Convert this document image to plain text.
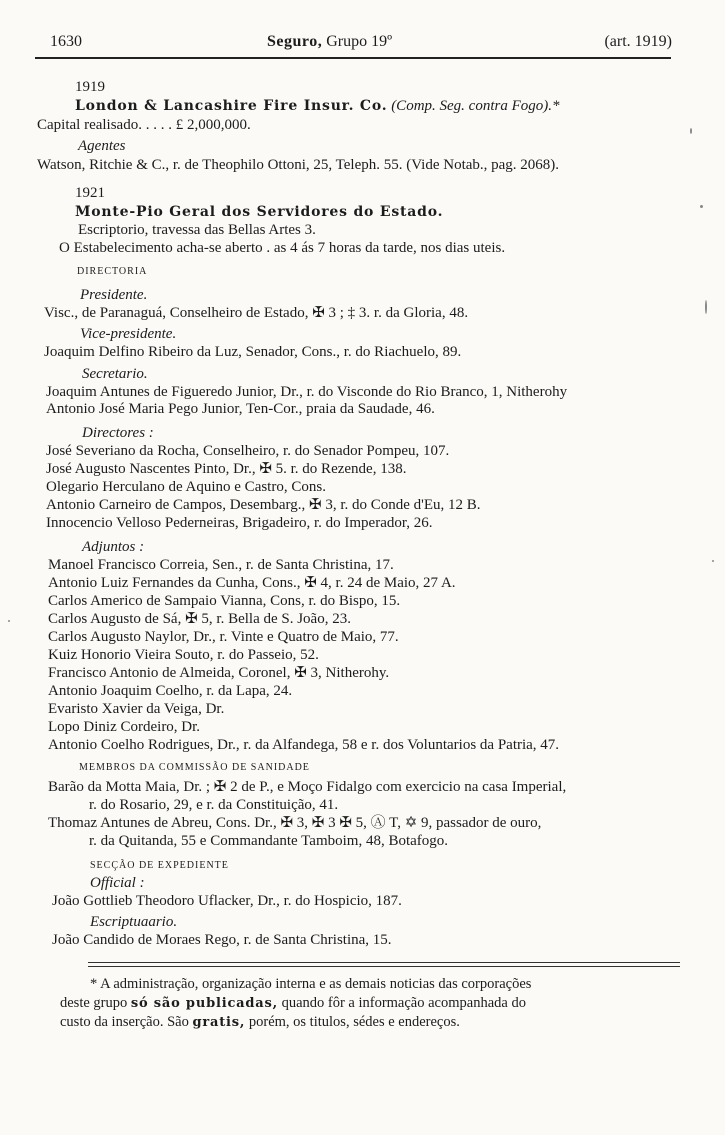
1630	Seguro, Grupo 19º	(art. 1919)
1919
London & Lancashire Fire Insur. Co. (Comp. Seg. contra Fogo).*
Capital realisado. . . . . £ 2,000,000.
Agentes
Watson, Ritchie & C., r. de Theophilo Ottoni, 25, Teleph. 55. (Vide Notab., pag. 2068).
1921
Monte-Pio Geral dos Servidores do Estado.
Escriptorio, travessa das Bellas Artes 3.
O Estabelecimento acha-se aberto . as 4 ás 7 horas da tarde, nos dias uteis.
DIRECTORIA
Presidente.
Visc., de Paranaguá, Conselheiro de Estado, ✠ 3 ; ‡ 3. r. da Gloria, 48.
Vice-presidente.
Joaquim Delfino Ribeiro da Luz, Senador, Cons., r. do Riachuelo, 89.
Secretario.
Joaquim Antunes de Figueredo Junior, Dr., r. do Visconde do Rio Branco, 1, Nitherohy
Antonio José Maria Pego Junior, Ten-Cor., praia da Saudade, 46.
Directores :
José Severiano da Rocha, Conselheiro, r. do Senador Pompeu, 107.
José Augusto Nascentes Pinto, Dr., ✠ 5. r. do Rezende, 138.
Olegario Herculano de Aquino e Castro, Cons.
Antonio Carneiro de Campos, Desembarg., ✠ 3, r. do Conde d'Eu, 12 B.
Innocencio Velloso Pederneiras, Brigadeiro, r. do Imperador, 26.
Adjuntos :
Manoel Francisco Correia, Sen., r. de Santa Christina, 17.
Antonio Luiz Fernandes da Cunha, Cons., ✠ 4, r. 24 de Maio, 27 A.
Carlos Americo de Sampaio Vianna, Cons, r. do Bispo, 15.
Carlos Augusto de Sá, ✠ 5, r. Bella de S. João, 23.
Carlos Augusto Naylor, Dr., r. Vinte e Quatro de Maio, 77.
Kuiz Honorio Vieira Souto, r. do Passeio, 52.
Francisco Antonio de Almeida, Coronel, ✠ 3, Nitherohy.
Antonio Joaquim Coelho, r. da Lapa, 24.
Evaristo Xavier da Veiga, Dr.
Lopo Diniz Cordeiro, Dr.
Antonio Coelho Rodrigues, Dr., r. da Alfandega, 58 e r. dos Voluntarios da Patria, 47.
MEMBROS DA COMMISSÃO DE SANIDADE
Barão da Motta Maia, Dr. ; ✠ 2 de P., e Moço Fidalgo com exercicio na casa Imperial,
r. do Rosario, 29, e r. da Constituição, 41.
Thomaz Antunes de Abreu, Cons. Dr., ✠ 3, ✠ 3 ✠ 5, Ⓐ T, ✡ 9, passador de ouro,
r. da Quitanda, 55 e Commandante Tamboim, 48, Botafogo.
SECÇÃO DE EXPEDIENTE
Official :
João Gottlieb Theodoro Uflacker, Dr., r. do Hospicio, 187.
Escriptuaario.
João Candido de Moraes Rego, r. de Santa Christina, 15.
* A administração, organização interna e as demais noticias das corporações
deste grupo só são publicadas, quando fôr a informação acompanhada do
custo da inserção. São gratis, porém, os titulos, sédes e endereços.
